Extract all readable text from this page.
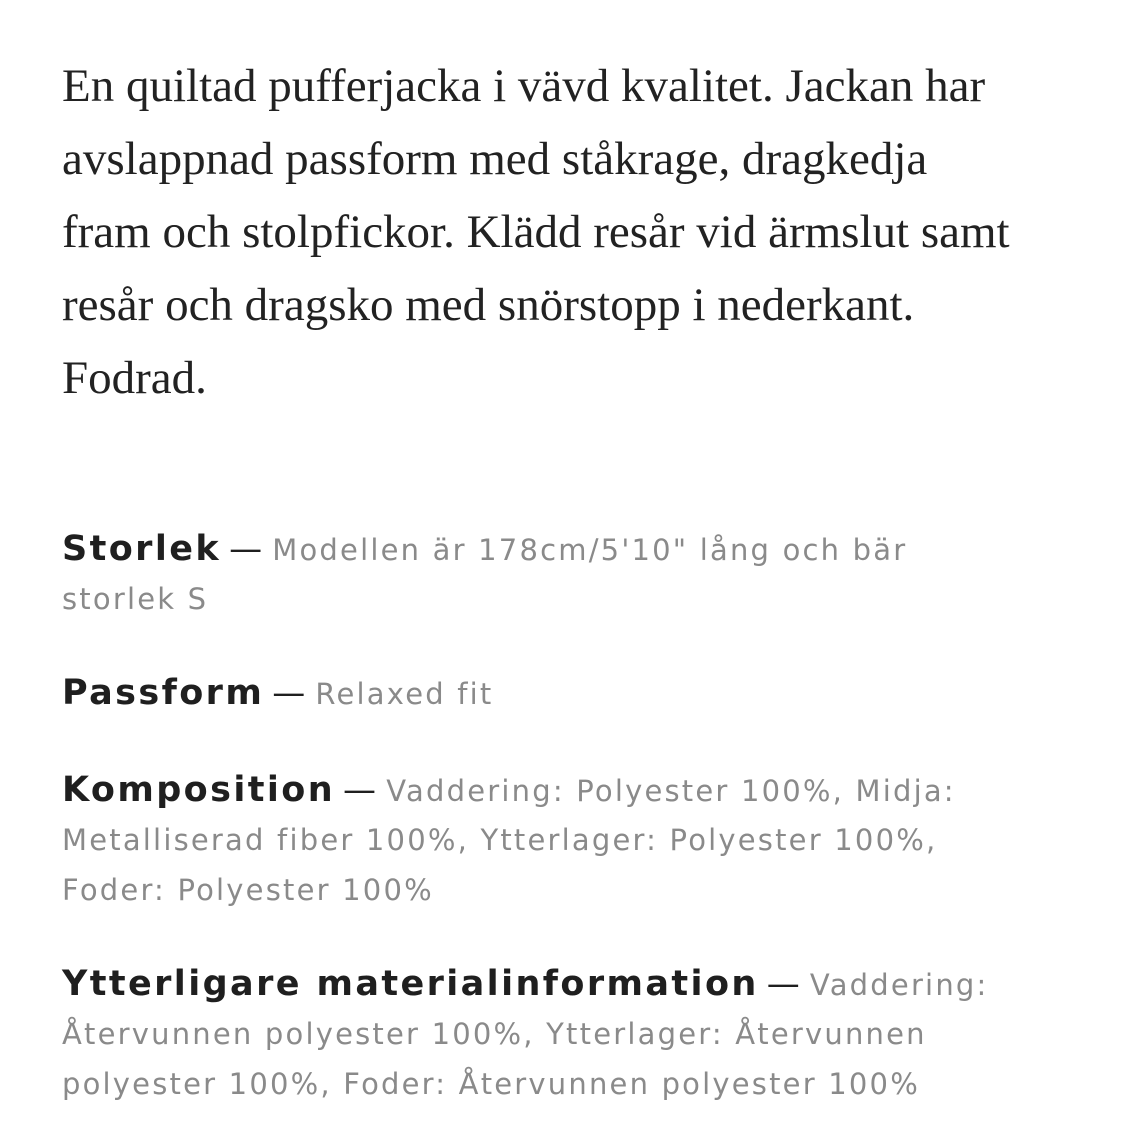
En quiltad pufferjacka i vävd kvalitet. Jackan har
avslappnad passform med ståkrage, dragkedja
fram och stolpfickor. Klädd resår vid ärmslut samt
resår och dragsko med snörstopp i nederkant.
Fodrad.

Storlek — Modellen är 178cm/5'10" lång och bär
storlek S
Passform — Relaxed fit
Komposition — Vaddering: Polyester 100%, Midja:
Metalliserad fiber 100%, Ytterlager: Polyester 100%,
Foder: Polyester 100%
Ytterligare materialinformation — Vaddering:
Återvunnen polyester 100%, Ytterlager: Återvunnen
polyester 100%, Foder: Återvunnen polyester 100%
